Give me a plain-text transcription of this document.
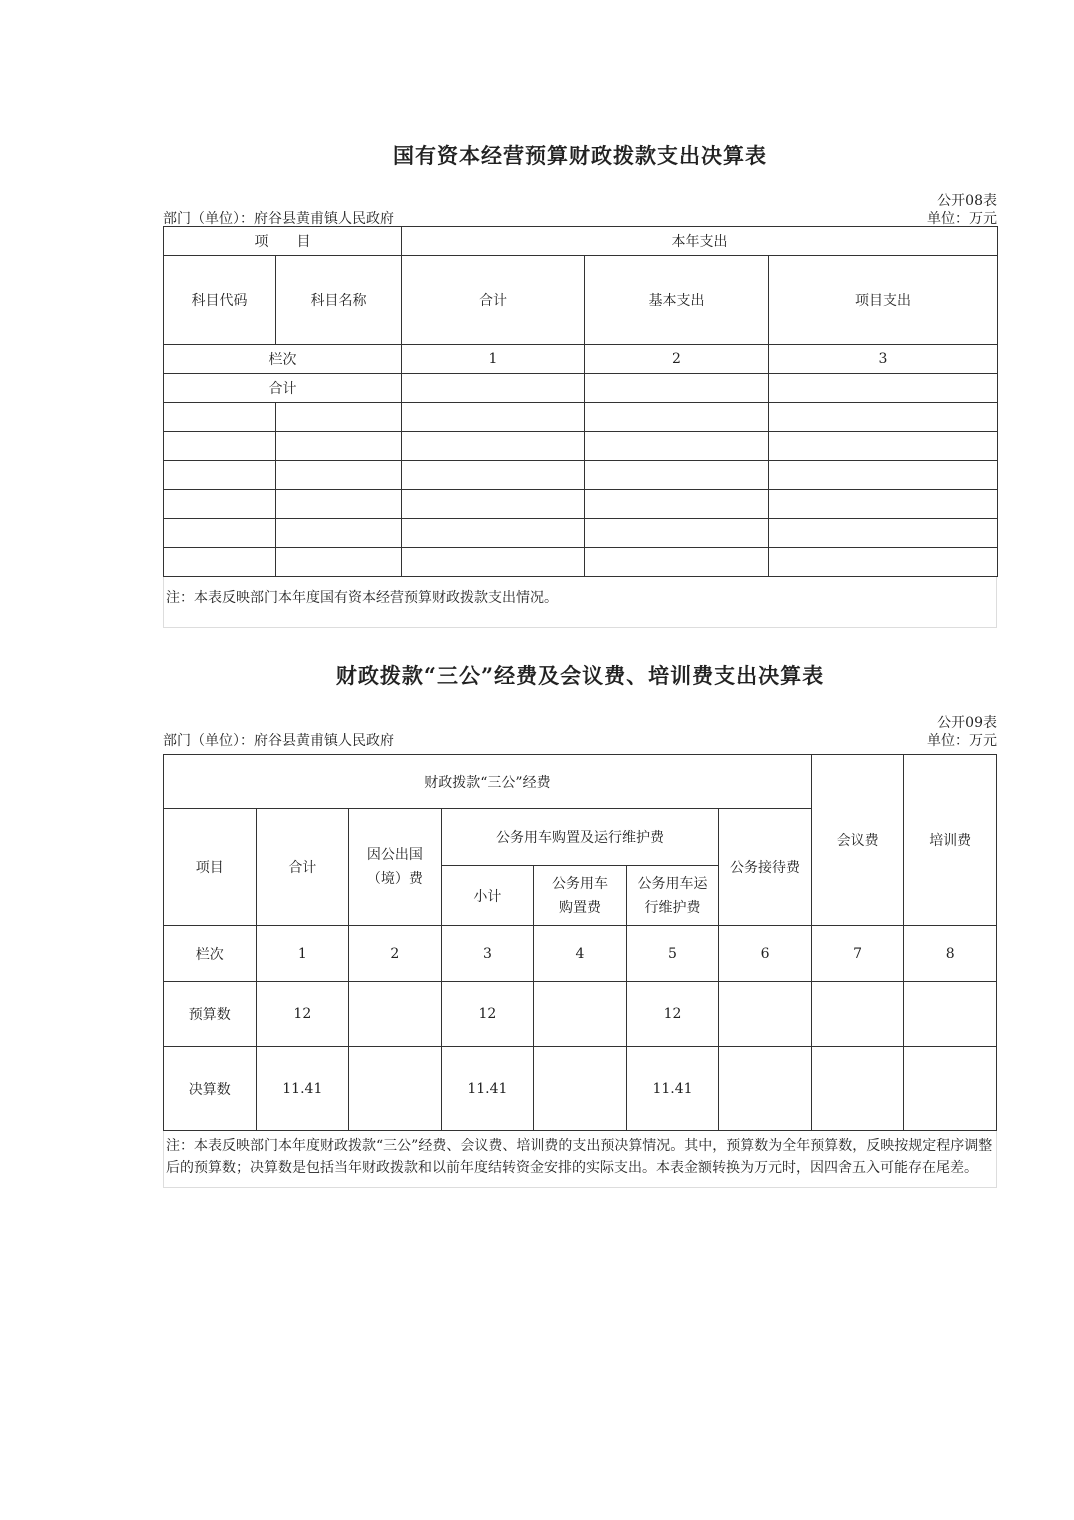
国有资本经营预算财政拨款支出决算表
公开08表
部门（单位）：府谷县黄甫镇人民政府	单位：万元
项　　目		本年支出		
科目代码	科目名称	合计	基本支出	项目支出
栏次		1	2	3
合计				

注：本表反映部门本年度国有资本经营预算财政拨款支出情况。
财政拨款“三公”经费及会议费、培训费支出决算表
公开09表
部门（单位）：府谷县黄甫镇人民政府	单位：万元
财政拨款“三公”经费							会议费	培训费
项目	合计	因公出国（境）费	公务用车购置及运行维护费			公务接待费		
			小计	公务用车购置费	公务用车运行维护费			
栏次	1	2	3	4	5	6	7	8
预算数	12		12		12			
决算数	11.41		11.41		11.41			
注：本表反映部门本年度财政拨款“三公”经费、会议费、培训费的支出预决算情况。其中，预算数为全年预算数，反映按规定程序调整后的预算数；决算数是包括当年财政拨款和以前年度结转资金安排的实际支出。本表金额转换为万元时，因四舍五入可能存在尾差。
